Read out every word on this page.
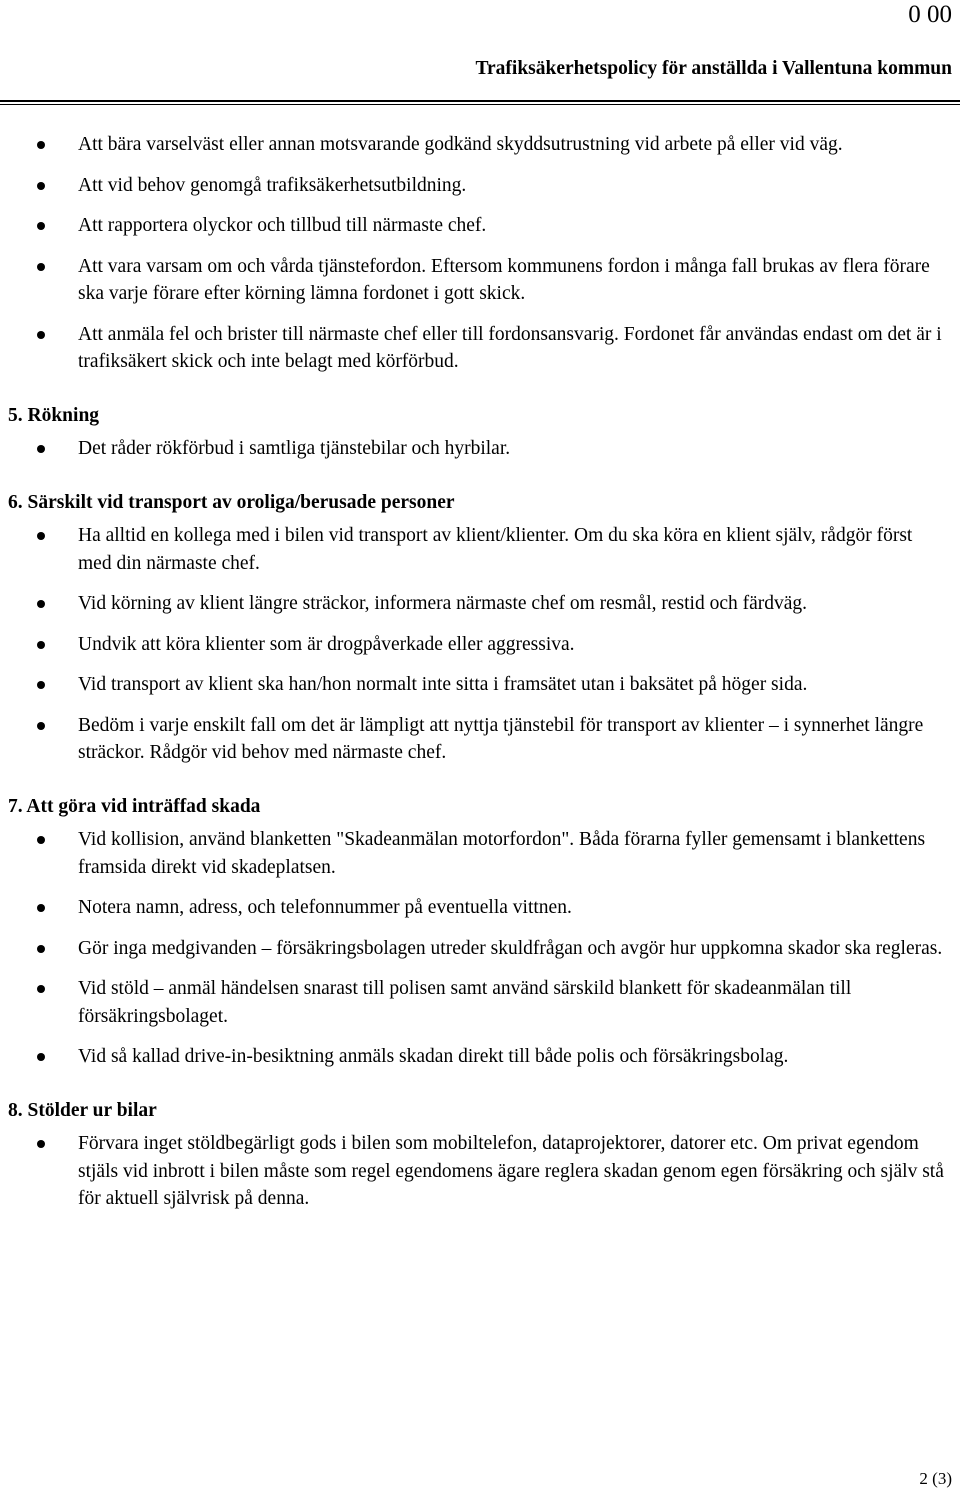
0 00
Trafiksäkerhetspolicy för anställda i Vallentuna kommun
Att bära varselväst eller annan motsvarande godkänd skyddsutrustning vid arbete på eller vid väg.
Att vid behov genomgå trafiksäkerhetsutbildning.
Att rapportera olyckor och tillbud till närmaste chef.
Att vara varsam om och vårda tjänstefordon. Eftersom kommunens fordon i många fall brukas av flera förare ska varje förare efter körning lämna fordonet i gott skick.
Att anmäla fel och brister till närmaste chef eller till fordonsansvarig. Fordonet får användas endast om det är i trafiksäkert skick och inte belagt med körförbud.
5. Rökning
Det råder rökförbud i samtliga tjänstebilar och hyrbilar.
6. Särskilt vid transport av oroliga/berusade personer
Ha alltid en kollega med i bilen vid transport av klient/klienter. Om du ska köra en klient själv, rådgör först med din närmaste chef.
Vid körning av klient längre sträckor, informera närmaste chef om resmål, restid och färdväg.
Undvik att köra klienter som är drogpåverkade eller aggressiva.
Vid transport av klient ska han/hon normalt inte sitta i framsätet utan i baksätet på höger sida.
Bedöm i varje enskilt fall om det är lämpligt att nyttja tjänstebil för transport av klienter – i synnerhet längre sträckor. Rådgör vid behov med närmaste chef.
7. Att göra vid inträffad skada
Vid kollision, använd blanketten "Skadeanmälan motorfordon". Båda förarna fyller gemensamt i blankettens framsida direkt vid skadeplatsen.
Notera namn, adress, och telefonnummer på eventuella vittnen.
Gör inga medgivanden – försäkringsbolagen utreder skuldfrågan och avgör hur uppkomna skador ska regleras.
Vid stöld – anmäl händelsen snarast till polisen samt använd särskild blankett för skadeanmälan till försäkringsbolaget.
Vid så kallad drive-in-besiktning anmäls skadan direkt till både polis och försäkringsbolag.
8. Stölder ur bilar
Förvara inget stöldbegärligt gods i bilen som mobiltelefon, dataprojektorer, datorer etc. Om privat egendom stjäls vid inbrott i bilen måste som regel egendomens ägare reglera skadan genom egen försäkring och själv stå för aktuell självrisk på denna.
2 (3)
